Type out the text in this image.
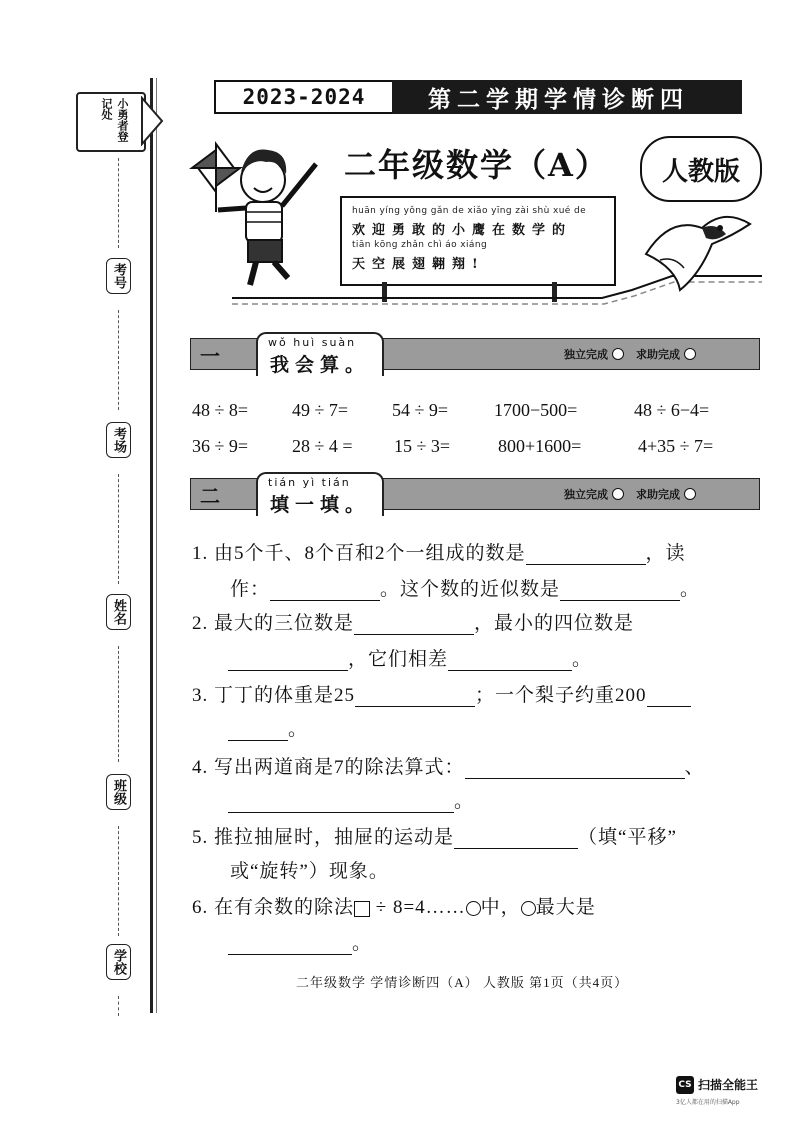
小勇者登记处
考号
考场
姓名
班级
学校
2023-2024	第二学期学情诊断四
二年级数学（A）	人教版
huān yíng yǒng gǎn de xiǎo yīng zài shù xué de
欢迎勇敢的小鹰在数学的
tiān kōng zhǎn chì áo xiáng
天空展翅翱翔!
一
wǒ huì suàn
我会算。	独立完成	求助完成
48 ÷ 8= 49 ÷ 7= 54 ÷ 9=	1700−500=	48 ÷ 6−4=
36 ÷ 9= 28 ÷ 4 = 15 ÷ 3=	800+1600=	4+35 ÷ 7=
二
tián yì tián
填一填。	独立完成	求助完成
1. 由5个千、8个百和2个一组成的数是	，读
作：	。这个数的近似数是	。
2. 最大的三位数是	，最小的四位数是
，它们相差	。
3. 丁丁的体重是25	；一个梨子约重200
。
4. 写出两道商是7的除法算式：	、
。
5. 推拉抽屉时，抽屉的运动是	（填“平移”
或“旋转”）现象。
6. 在有余数的除法 ÷ 8=4…… 中， 最大是
。
二年级数学 学情诊断四（A） 人教版 第1页（共4页）
CS 扫描全能王
3亿人都在用的扫描App
